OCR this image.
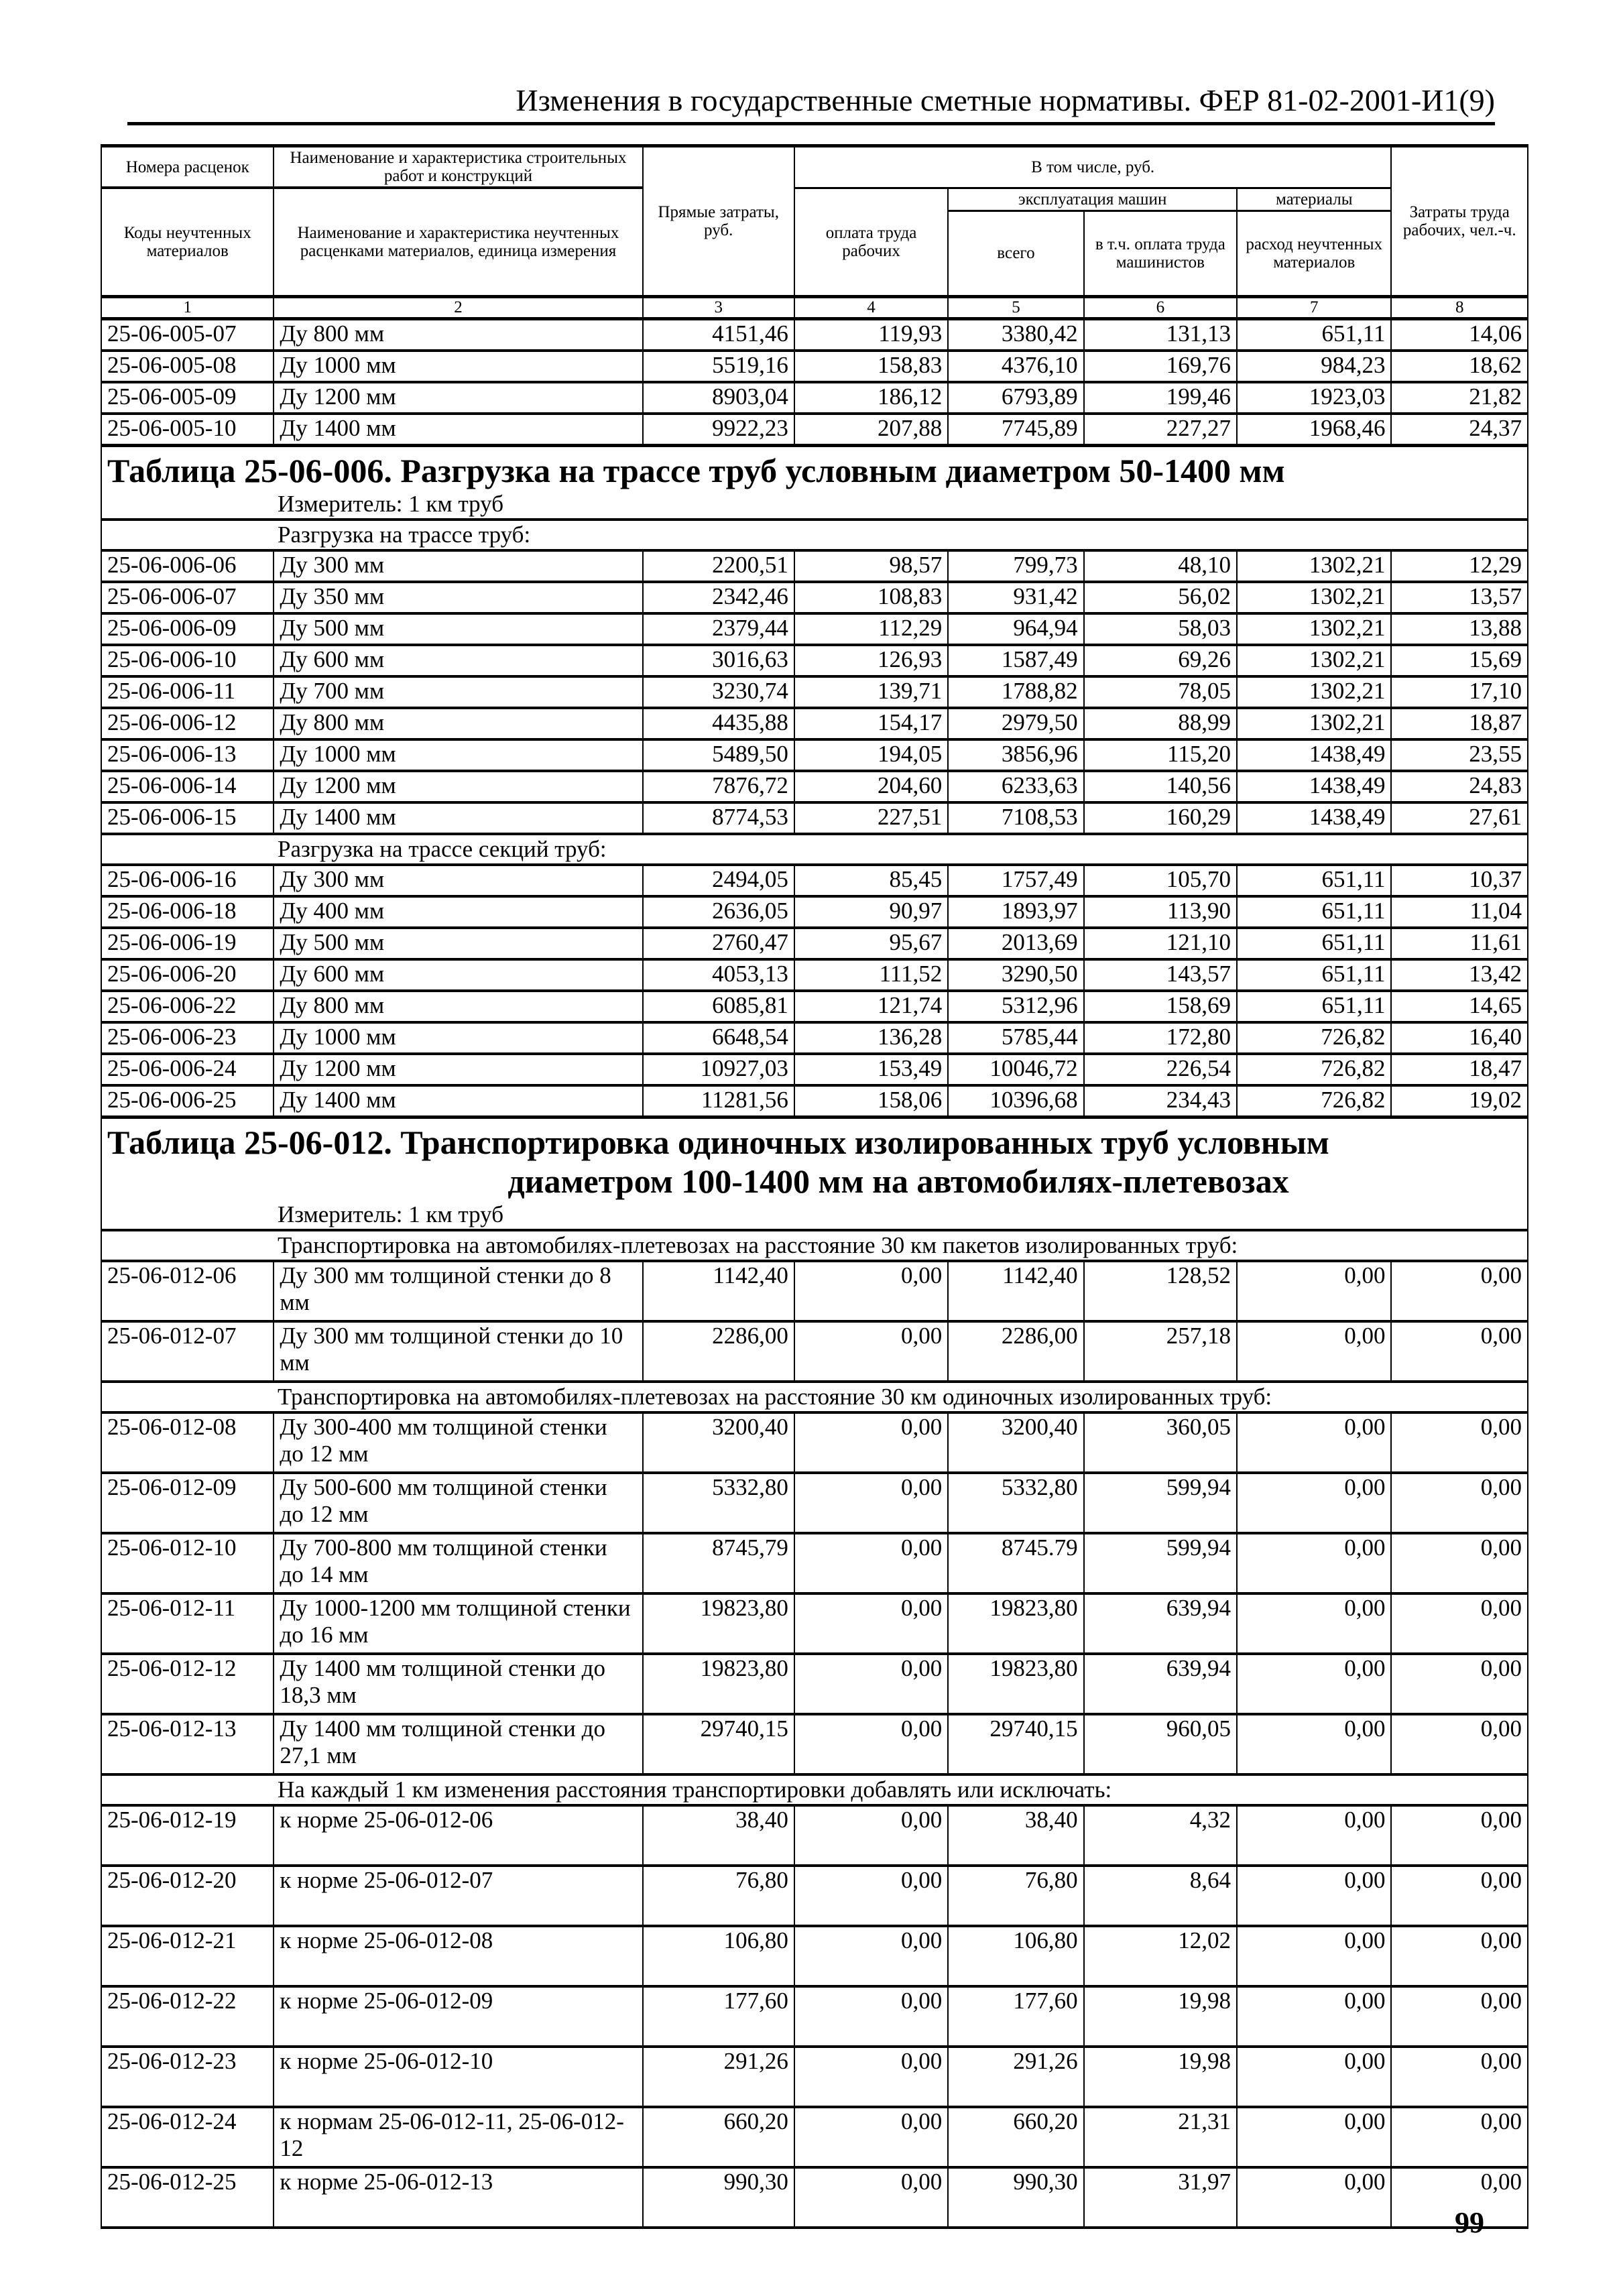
Изменения в государственные сметные нормативы. ФЕР 81-02-2001-И1(9)
Номера расценок	Наименование и характеристика строительных работ и конструкций	Прямые затраты, руб.	В том числе, руб.				Затраты труда рабочих, чел.-ч.
Коды неучтенных материалов	Наименование и характеристика неучтенных расценками материалов, единица измерения		оплата труда рабочих	эксплуатация машин		материалы	
				всего	в т.ч. оплата труда машинистов	расход неучтенных материалов	
1	2	3	4	5	6	7	8
25-06-005-07	Ду 800 мм	4151,46	119,93	3380,42	131,13	651,11	14,06
25-06-005-08	Ду 1000 мм	5519,16	158,83	4376,10	169,76	984,23	18,62
25-06-005-09	Ду 1200 мм	8903,04	186,12	6793,89	199,46	1923,03	21,82
25-06-005-10	Ду 1400 мм	9922,23	207,88	7745,89	227,27	1968,46	24,37
Таблица 25-06-006. Разгрузка на трассе труб условным диаметром 50-1400 мм							
Измеритель: 1 км труб							
Разгрузка на трассе труб:							
25-06-006-06	Ду 300 мм	2200,51	98,57	799,73	48,10	1302,21	12,29
25-06-006-07	Ду 350 мм	2342,46	108,83	931,42	56,02	1302,21	13,57
25-06-006-09	Ду 500 мм	2379,44	112,29	964,94	58,03	1302,21	13,88
25-06-006-10	Ду 600 мм	3016,63	126,93	1587,49	69,26	1302,21	15,69
25-06-006-11	Ду 700 мм	3230,74	139,71	1788,82	78,05	1302,21	17,10
25-06-006-12	Ду 800 мм	4435,88	154,17	2979,50	88,99	1302,21	18,87
25-06-006-13	Ду 1000 мм	5489,50	194,05	3856,96	115,20	1438,49	23,55
25-06-006-14	Ду 1200 мм	7876,72	204,60	6233,63	140,56	1438,49	24,83
25-06-006-15	Ду 1400 мм	8774,53	227,51	7108,53	160,29	1438,49	27,61
Разгрузка на трассе секций труб:							
25-06-006-16	Ду 300 мм	2494,05	85,45	1757,49	105,70	651,11	10,37
25-06-006-18	Ду 400 мм	2636,05	90,97	1893,97	113,90	651,11	11,04
25-06-006-19	Ду 500 мм	2760,47	95,67	2013,69	121,10	651,11	11,61
25-06-006-20	Ду 600 мм	4053,13	111,52	3290,50	143,57	651,11	13,42
25-06-006-22	Ду 800 мм	6085,81	121,74	5312,96	158,69	651,11	14,65
25-06-006-23	Ду 1000 мм	6648,54	136,28	5785,44	172,80	726,82	16,40
25-06-006-24	Ду 1200 мм	10927,03	153,49	10046,72	226,54	726,82	18,47
25-06-006-25	Ду 1400 мм	11281,56	158,06	10396,68	234,43	726,82	19,02
Таблица 25-06-012. Транспортировка одиночных изолированных труб условным
диаметром 100-1400 мм на автомобилях-плетевозах							

Измеритель: 1 км труб							
Транспортировка на автомобилях-плетевозах на расстояние 30 км пакетов изолированных труб:							
25-06-012-06	Ду 300 мм толщиной стенки до 8 мм	1142,40	0,00	1142,40	128,52	0,00	0,00
25-06-012-07	Ду 300 мм толщиной стенки до 10 мм	2286,00	0,00	2286,00	257,18	0,00	0,00
Транспортировка на автомобилях-плетевозах на расстояние 30 км одиночных изолированных труб:							
25-06-012-08	Ду 300-400 мм толщиной стенки до 12 мм	3200,40	0,00	3200,40	360,05	0,00	0,00
25-06-012-09	Ду 500-600 мм толщиной стенки до 12 мм	5332,80	0,00	5332,80	599,94	0,00	0,00
25-06-012-10	Ду 700-800 мм толщиной стенки до 14 мм	8745,79	0,00	8745.79	599,94	0,00	0,00
25-06-012-11	Ду 1000-1200 мм толщиной стенки до 16 мм	19823,80	0,00	19823,80	639,94	0,00	0,00
25-06-012-12	Ду 1400 мм толщиной стенки до 18,3 мм	19823,80	0,00	19823,80	639,94	0,00	0,00
25-06-012-13	Ду 1400 мм толщиной стенки до 27,1 мм	29740,15	0,00	29740,15	960,05	0,00	0,00
На каждый 1 км изменения расстояния транспортировки добавлять или исключать:							
25-06-012-19	к норме 25-06-012-06	38,40	0,00	38,40	4,32	0,00	0,00
25-06-012-20	к норме 25-06-012-07	76,80	0,00	76,80	8,64	0,00	0,00
25-06-012-21	к норме 25-06-012-08	106,80	0,00	106,80	12,02	0,00	0,00
25-06-012-22	к норме 25-06-012-09	177,60	0,00	177,60	19,98	0,00	0,00
25-06-012-23	к норме 25-06-012-10	291,26	0,00	291,26	19,98	0,00	0,00
25-06-012-24	к нормам 25-06-012-11, 25-06-012-12	660,20	0,00	660,20	21,31	0,00	0,00
25-06-012-25	к норме 25-06-012-13	990,30	0,00	990,30	31,97	0,00	0,00
99
